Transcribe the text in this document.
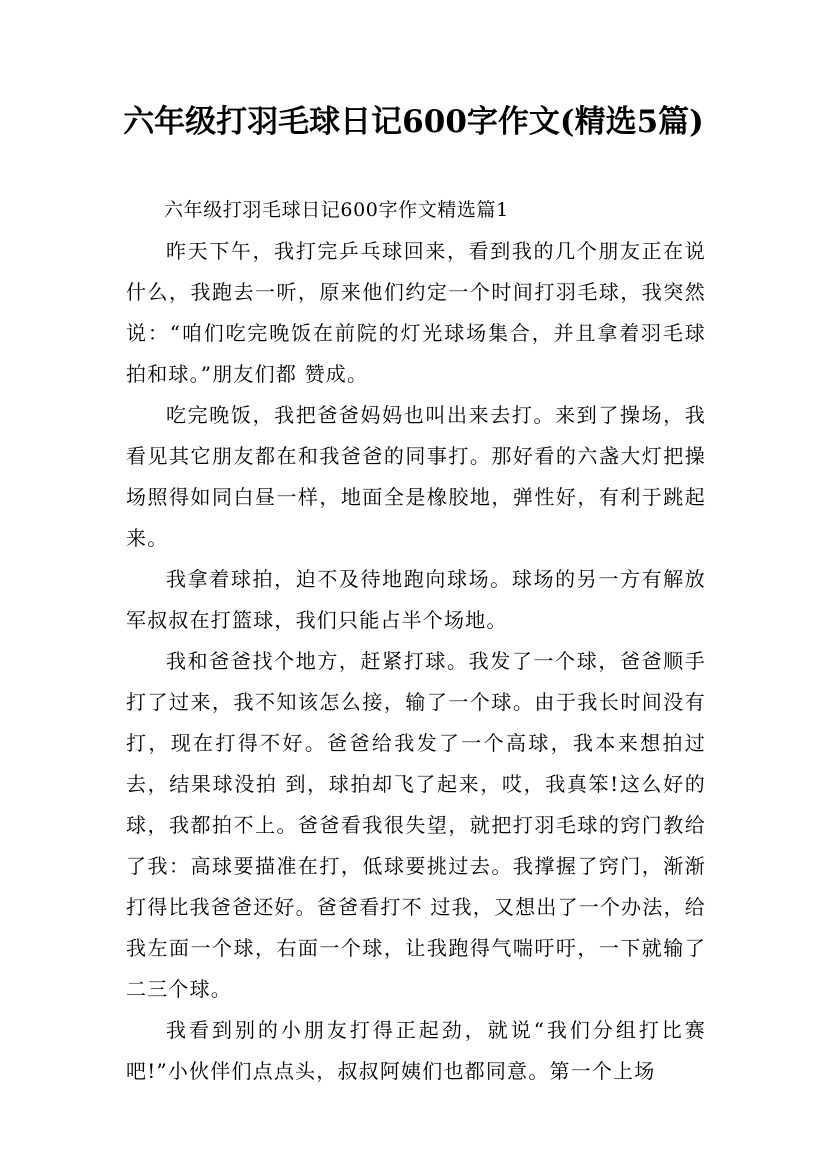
六年级打羽毛球日记600字作文(精选5篇)

六年级打羽毛球日记600字作文精选篇1

昨天下午，我打完乒乓球回来，看到我的几个朋友正在说什么，我跑去一听，原来他们约定一个时间打羽毛球，我突然说：“咱们吃完晚饭在前院的灯光球场集合，并且拿着羽毛球拍和球。”朋友们都 赞成。

吃完晚饭，我把爸爸妈妈也叫出来去打。来到了操场，我看见其它朋友都在和我爸爸的同事打。那好看的六盏大灯把操场照得如同白昼一样，地面全是橡胶地，弹性好，有利于跳起来。

我拿着球拍，迫不及待地跑向球场。球场的另一方有解放军叔叔在打篮球，我们只能占半个场地。

我和爸爸找个地方，赶紧打球。我发了一个球，爸爸顺手打了过来，我不知该怎么接，输了一个球。由于我长时间没有打，现在打得不好。爸爸给我发了一个高球，我本来想拍过去，结果球没拍 到，球拍却飞了起来，哎，我真笨!这么好的球，我都拍不上。爸爸看我很失望，就把打羽毛球的窍门教给了我：高球要描准在打，低球要挑过去。我撑握了窍门，渐渐打得比我爸爸还好。爸爸看打不 过我，又想出了一个办法，给我左面一个球，右面一个球，让我跑得气喘吁吁，一下就输了二三个球。

我看到别的小朋友打得正起劲，就说“我们分组打比赛吧!”小伙伴们点点头，叔叔阿姨们也都同意。第一个上场
